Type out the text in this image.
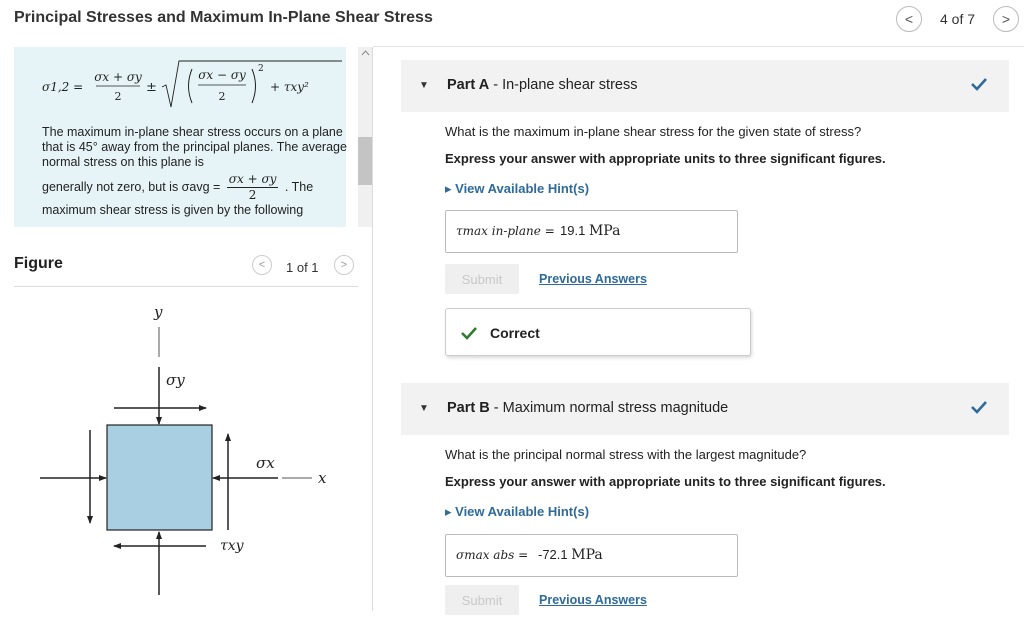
Principal Stresses and Maximum In-Plane Shear Stress	< 4 of 7 >
σ1,2 =
σx + σy
2
±
σx − σy
2
2
+ τxy²

The maximum in-plane shear stress occurs on a plane that is 45° away from the principal planes. The average normal stress on this plane is

generally not zero, but is $\sigma avg = \frac{\sigma x + \sigma y}{2}$ . The

maximum shear stress is given by the following

Figure	< 1 of 1 >
y
σy
σx
x
τxy
▼ Part A - In-plane shear stress
What is the maximum in-plane shear stress for the given state of stress?
Express your answer with appropriate units to three significant figures.
▸ View Available Hint(s)
τmax in-plane = 19.1 MPa
Submit	Previous Answers
Correct
▼ Part B - Maximum normal stress magnitude
What is the principal normal stress with the largest magnitude?
Express your answer with appropriate units to three significant figures.
▸ View Available Hint(s)
σmax abs = -72.1 MPa
Submit	Previous Answers
